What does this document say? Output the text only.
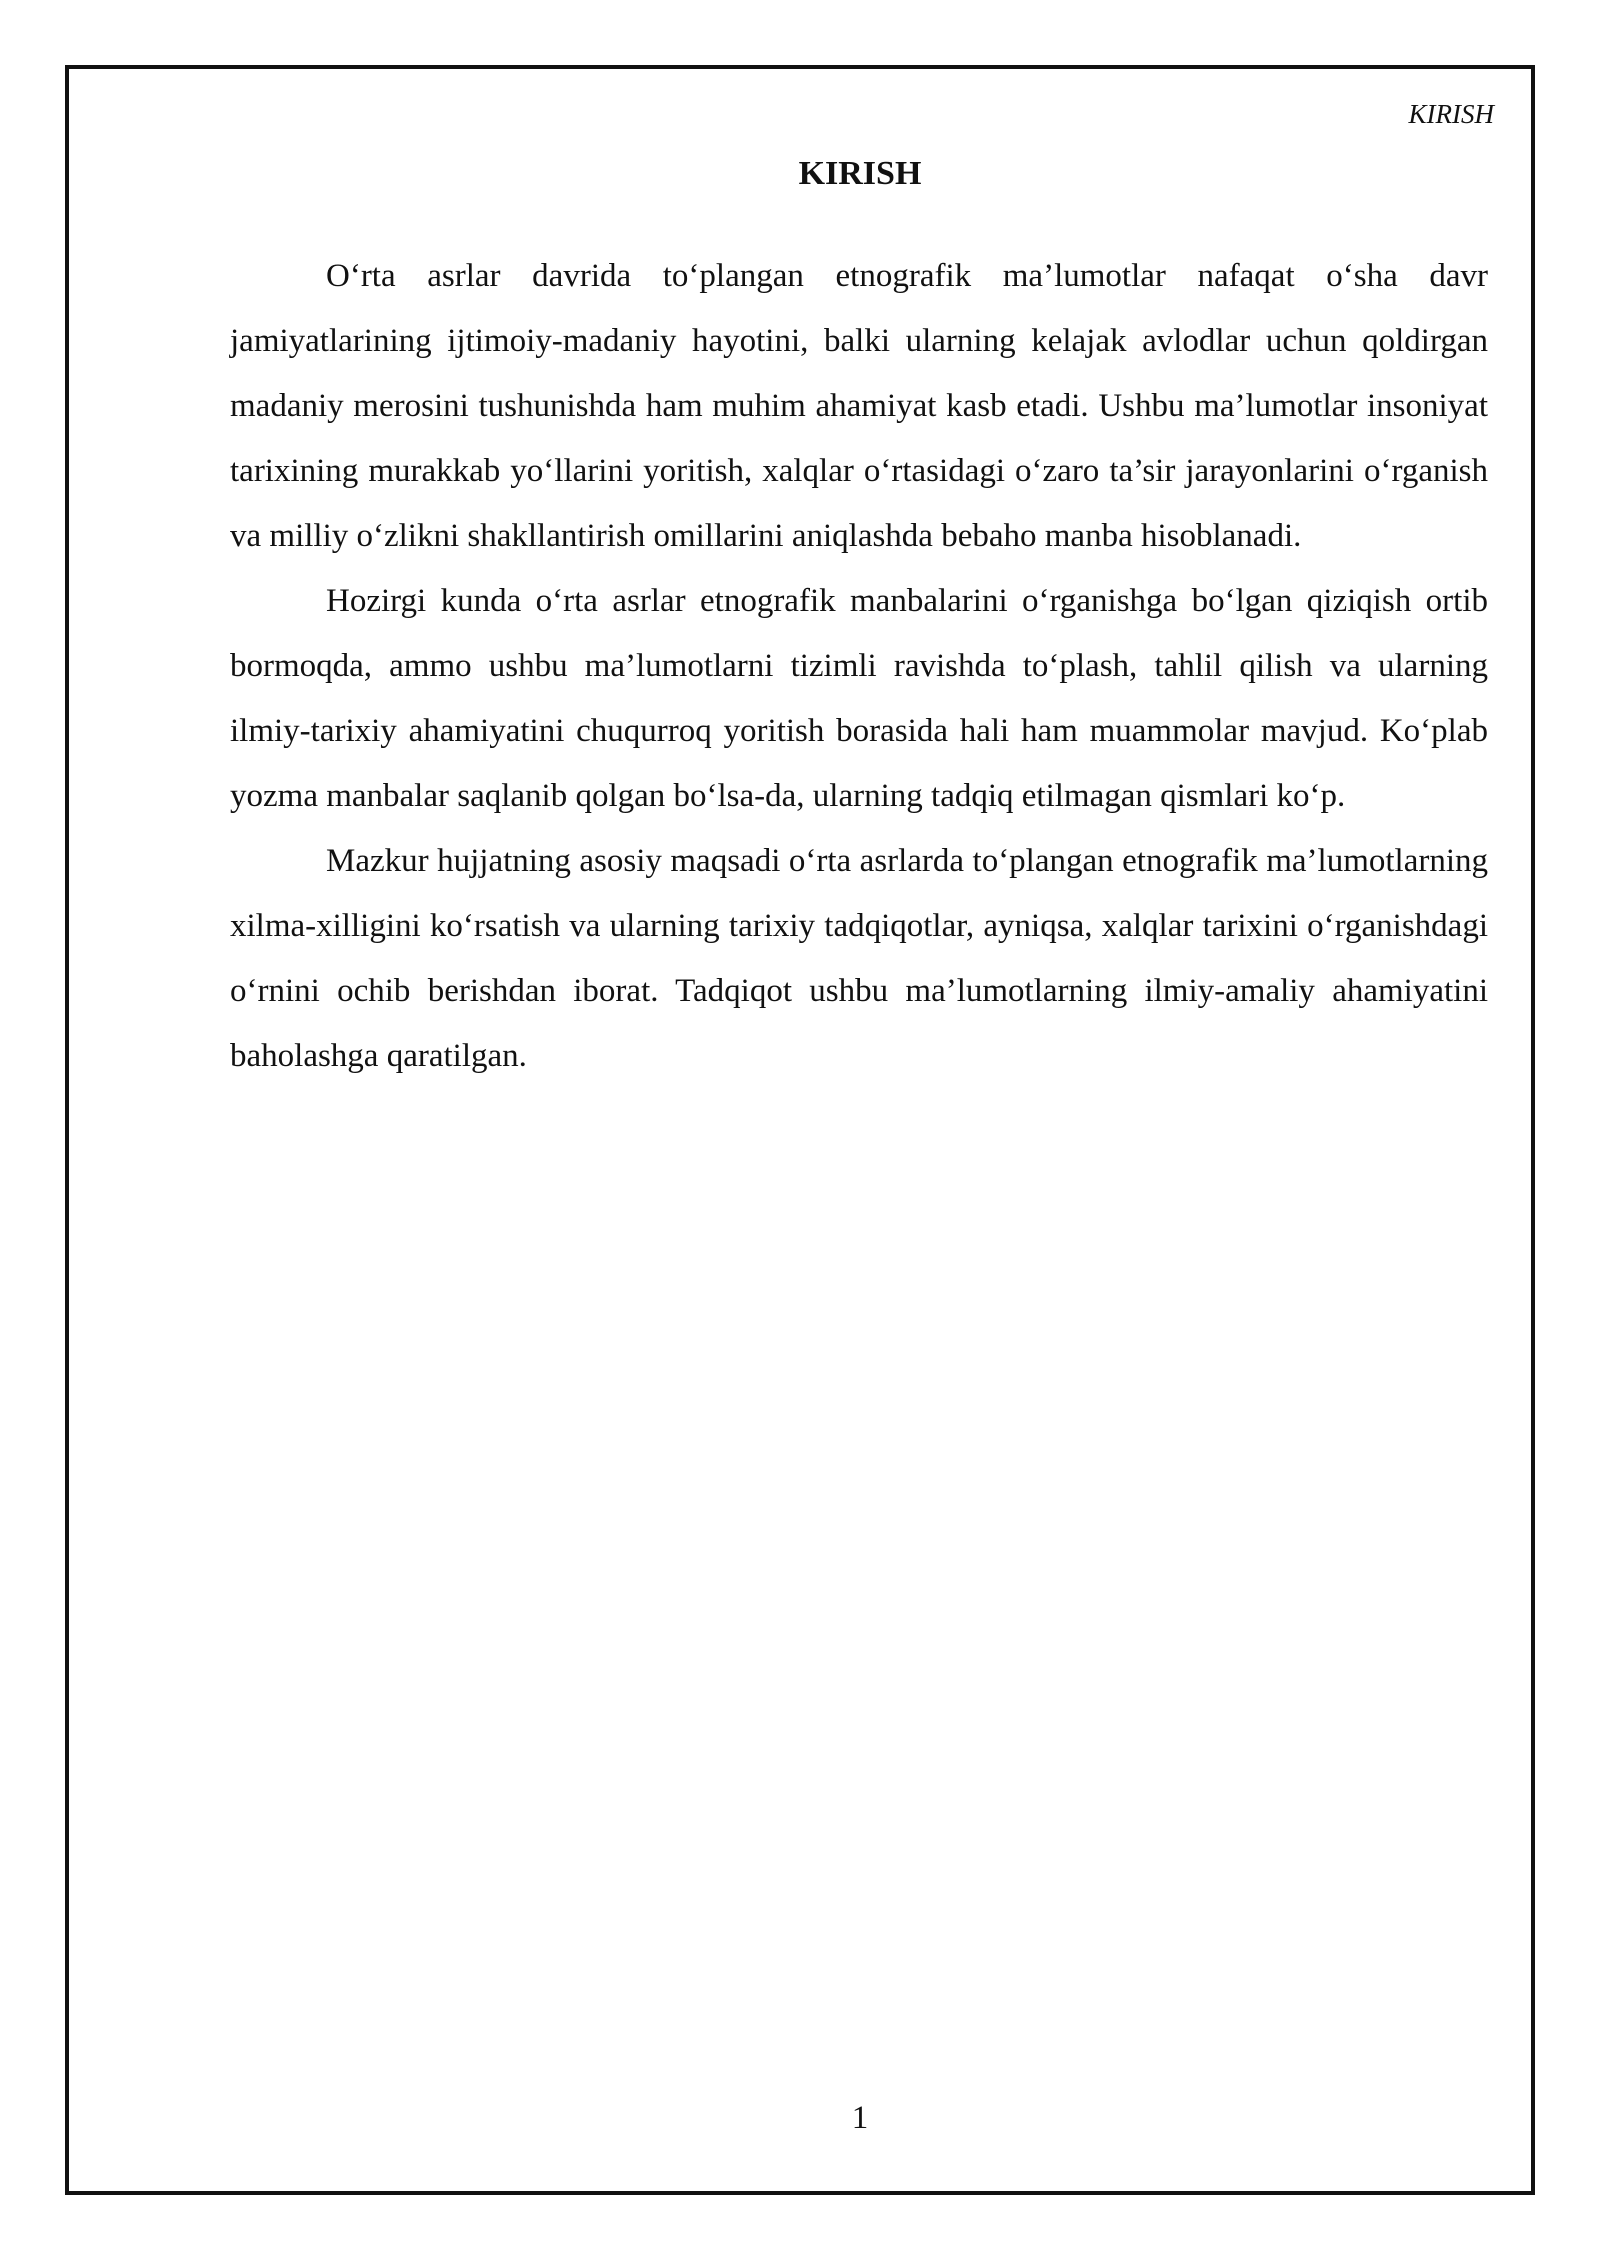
KIRISH

KIRISH

O‘rta asrlar davrida to‘plangan etnografik ma’lumotlar nafaqat o‘sha davr jamiyatlarining ijtimoiy-madaniy hayotini, balki ularning kelajak avlodlar uchun qoldirgan madaniy merosini tushunishda ham muhim ahamiyat kasb etadi. Ushbu ma’lumotlar insoniyat tarixining murakkab yo‘llarini yoritish, xalqlar o‘rtasidagi o‘zaro ta’sir jarayonlarini o‘rganish va milliy o‘zlikni shakllantirish omillarini aniqlashda bebaho manba hisoblanadi.

Hozirgi kunda o‘rta asrlar etnografik manbalarini o‘rganishga bo‘lgan qiziqish ortib bormoqda, ammo ushbu ma’lumotlarni tizimli ravishda to‘plash, tahlil qilish va ularning ilmiy-tarixiy ahamiyatini chuqurroq yoritish borasida hali ham muammolar mavjud. Ko‘plab yozma manbalar saqlanib qolgan bo‘lsa-da, ularning tadqiq etilmagan qismlari ko‘p.

Mazkur hujjatning asosiy maqsadi o‘rta asrlarda to‘plangan etnografik ma’lumotlarning xilma-xilligini ko‘rsatish va ularning tarixiy tadqiqotlar, ayniqsa, xalqlar tarixini o‘rganishdagi o‘rnini ochib berishdan iborat. Tadqiqot ushbu ma’lumotlarning ilmiy-amaliy ahamiyatini baholashga qaratilgan.

1
